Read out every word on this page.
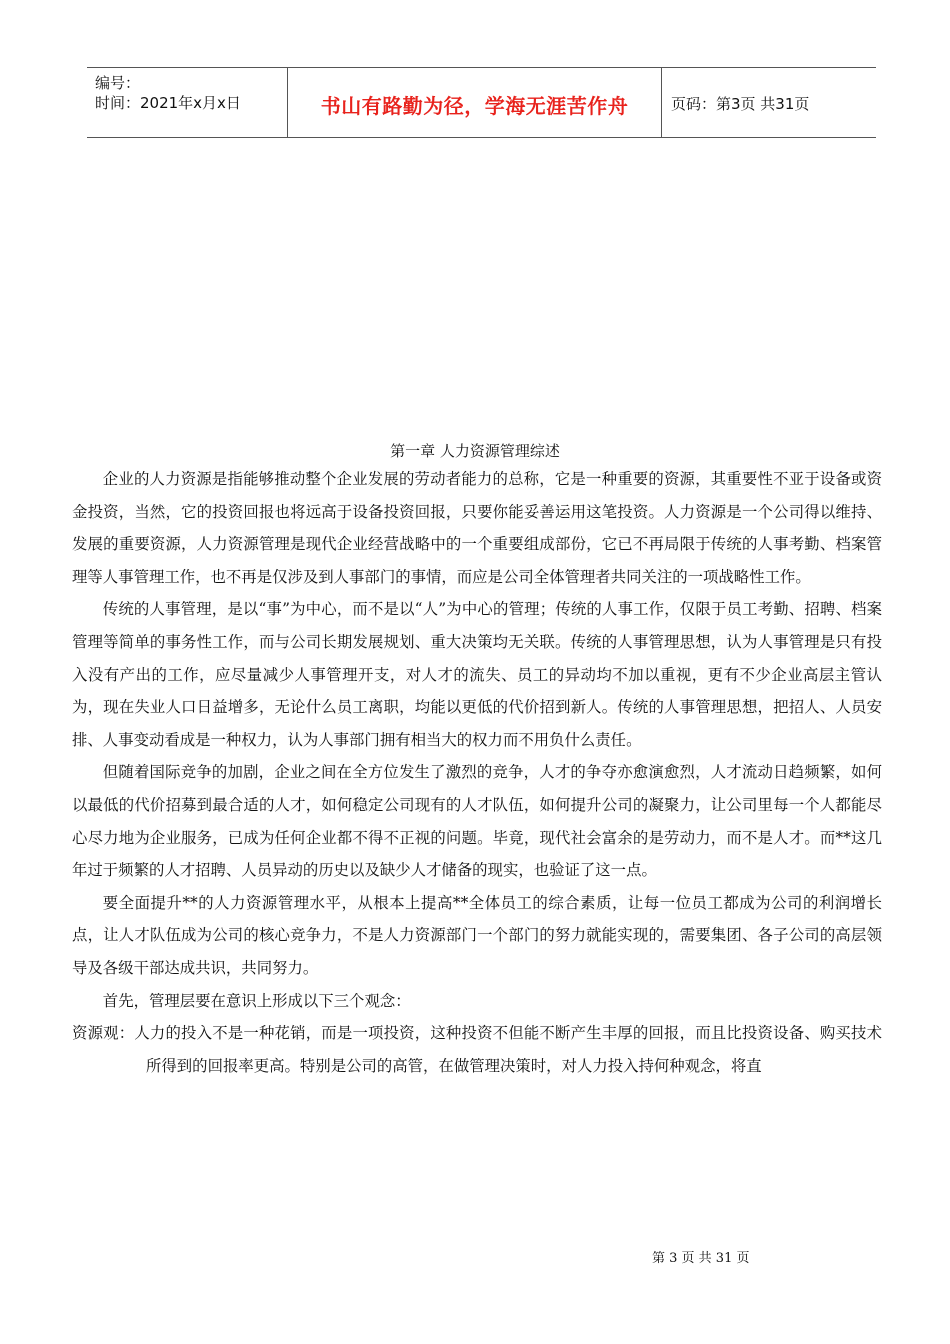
编号：
时间：2021年x月x日	书山有路勤为径，学海无涯苦作舟	页码：第3页 共31页
第一章 人力资源管理综述

企业的人力资源是指能够推动整个企业发展的劳动者能力的总称，它是一种重要的资源，其重要性不亚于设备或资金投资，当然，它的投资回报也将远高于设备投资回报，只要你能妥善运用这笔投资。人力资源是一个公司得以维持、发展的重要资源，人力资源管理是现代企业经营战略中的一个重要组成部份，它已不再局限于传统的人事考勤、档案管理等人事管理工作，也不再是仅涉及到人事部门的事情，而应是公司全体管理者共同关注的一项战略性工作。

传统的人事管理，是以“事”为中心，而不是以“人”为中心的管理；传统的人事工作，仅限于员工考勤、招聘、档案管理等简单的事务性工作，而与公司长期发展规划、重大决策均无关联。传统的人事管理思想，认为人事管理是只有投入没有产出的工作，应尽量减少人事管理开支，对人才的流失、员工的异动均不加以重视，更有不少企业高层主管认为，现在失业人口日益增多，无论什么员工离职，均能以更低的代价招到新人。传统的人事管理思想，把招人、人员安排、人事变动看成是一种权力，认为人事部门拥有相当大的权力而不用负什么责任。

但随着国际竞争的加剧，企业之间在全方位发生了激烈的竞争，人才的争夺亦愈演愈烈，人才流动日趋频繁，如何以最低的代价招募到最合适的人才，如何稳定公司现有的人才队伍，如何提升公司的凝聚力，让公司里每一个人都能尽心尽力地为企业服务，已成为任何企业都不得不正视的问题。毕竟，现代社会富余的是劳动力，而不是人才。而**这几年过于频繁的人才招聘、人员异动的历史以及缺少人才储备的现实，也验证了这一点。

要全面提升**的人力资源管理水平，从根本上提高**全体员工的综合素质，让每一位员工都成为公司的利润增长点，让人才队伍成为公司的核心竞争力，不是人力资源部门一个部门的努力就能实现的，需要集团、各子公司的高层领导及各级干部达成共识，共同努力。

首先，管理层要在意识上形成以下三个观念：

资源观：人力的投入不是一种花销，而是一项投资，这种投资不但能不断产生丰厚的回报，而且比投资设备、购买技术所得到的回报率更高。特别是公司的高管，在做管理决策时，对人力投入持何种观念，将直
第 3 页 共 31 页
